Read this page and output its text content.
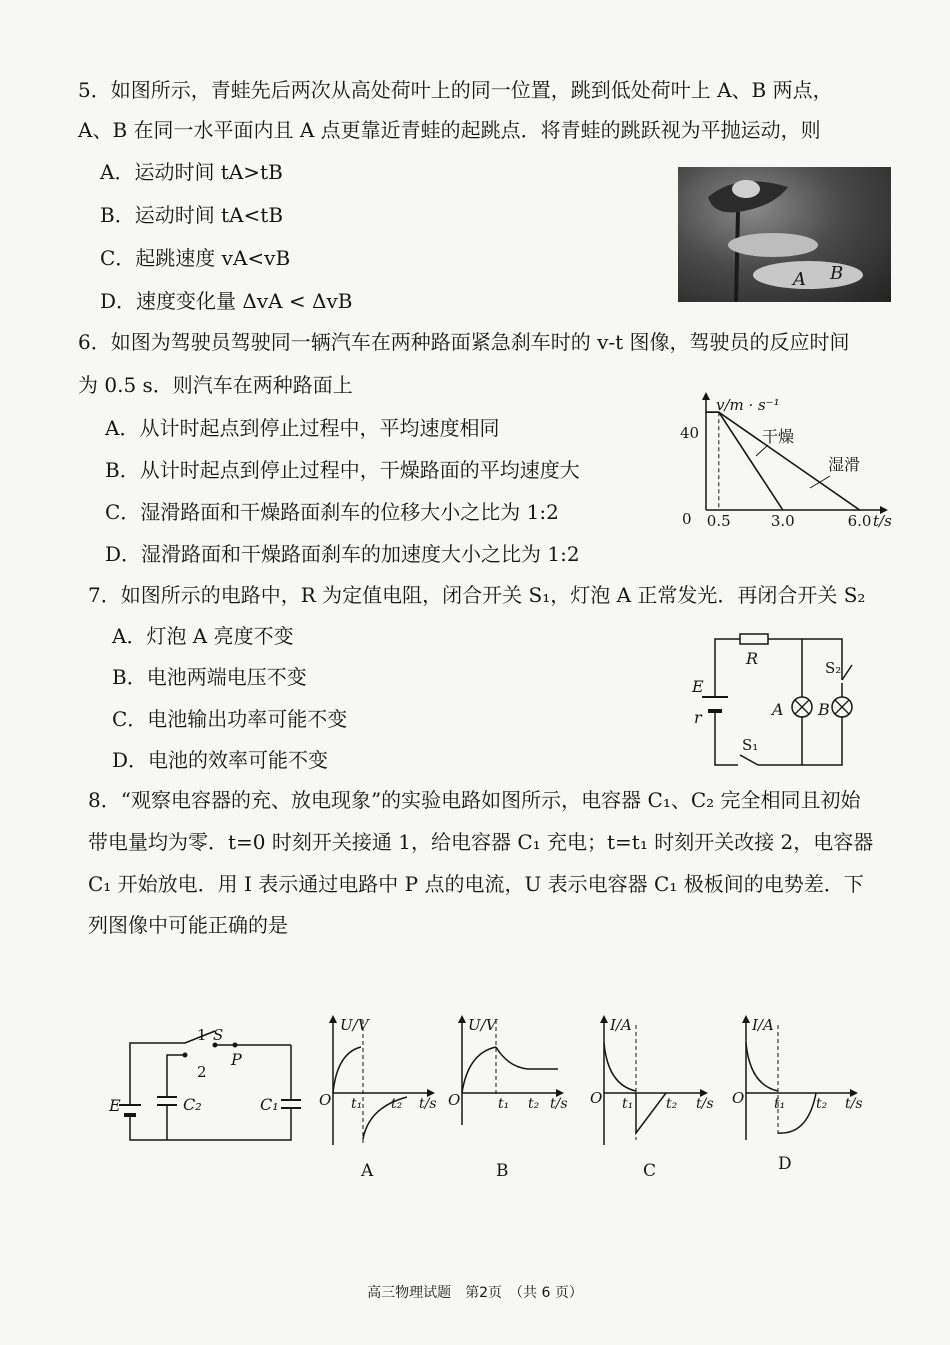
5．如图所示，青蛙先后两次从高处荷叶上的同一位置，跳到低处荷叶上 A、B 两点，
A、B 在同一水平面内且 A 点更靠近青蛙的起跳点．将青蛙的跳跃视为平抛运动，则
A．运动时间 tA>tB
B．运动时间 tA<tB
C．起跳速度 vA<vB
D．速度变化量 ΔvA < ΔvB
A B
6．如图为驾驶员驾驶同一辆汽车在两种路面紧急刹车时的 v-t 图像，驾驶员的反应时间
为 0.5 s．则汽车在两种路面上
A．从计时起点到停止过程中，平均速度相同
B．从计时起点到停止过程中，干燥路面的平均速度大
C．湿滑路面和干燥路面刹车的位移大小之比为 1:2
D．湿滑路面和干燥路面刹车的加速度大小之比为 1:2
v/m · s⁻¹
t/s
0
40
0.5	3.0	6.0
干燥
湿滑
7．如图所示的电路中，R 为定值电阻，闭合开关 S₁，灯泡 A 正常发光．再闭合开关 S₂
A．灯泡 A 亮度不变
B．电池两端电压不变
C．电池输出功率可能不变
D．电池的效率可能不变
R
E
r
S₁
S₂
A B
8．“观察电容器的充、放电现象”的实验电路如图所示，电容器 C₁、C₂ 完全相同且初始
带电量均为零．t=0 时刻开关接通 1，给电容器 C₁ 充电；t=t₁ 时刻开关改接 2，电容器
C₁ 开始放电．用 I 表示通过电路中 P 点的电流，U 表示电容器 C₁ 极板间的电势差．下
列图像中可能正确的是
1 S
P
2
E	C₂	C₁
U/V
O t₁ t₂ t/s
A
U/V
O	t₁ t₂ t/s
B
I/A
O t₁ t₂ t/s
C
I/A
O t₁ t₂ t/s
D
高三物理试题　第2页　（共 6 页）
